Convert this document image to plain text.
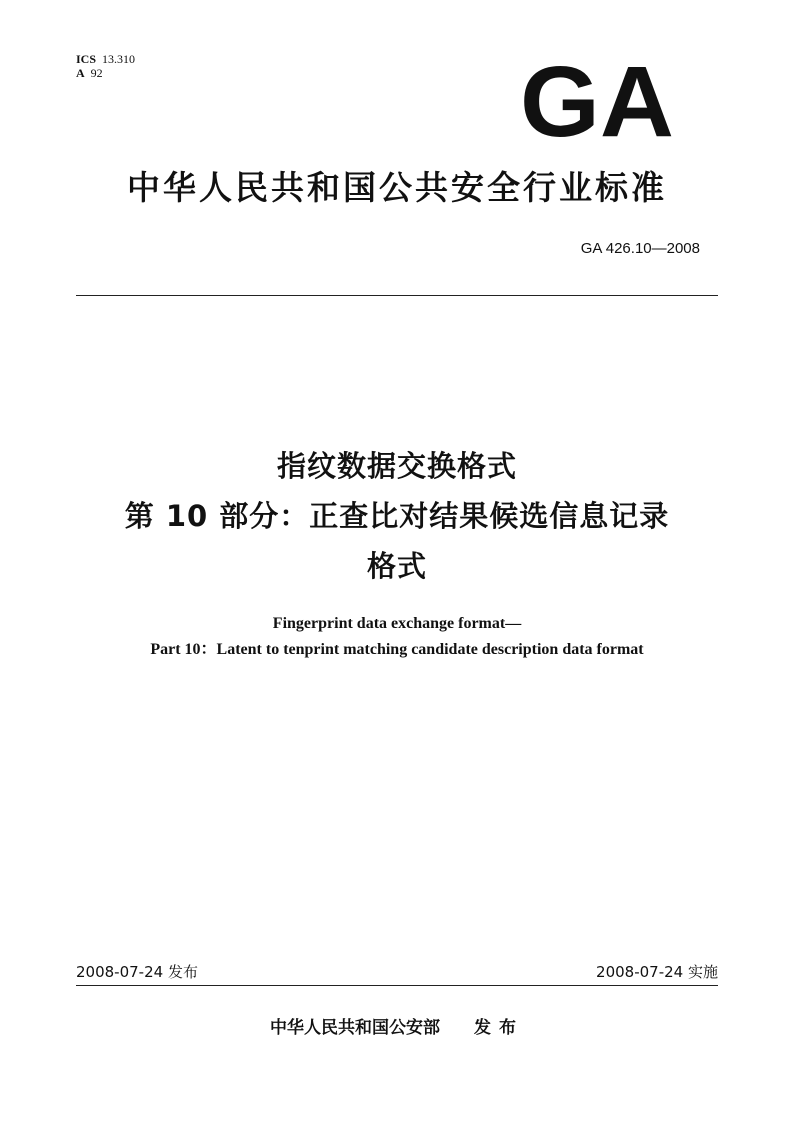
ICS 13.310
A 92	GA
中华人民共和国公共安全行业标准
GA 426.10—2008
指纹数据交换格式
第 10 部分：正查比对结果候选信息记录
格式
Fingerprint data exchange format—
Part 10：Latent to tenprint matching candidate description data format
2008-07-24 发布	2008-07-24 实施
中华人民共和国公安部 发布
